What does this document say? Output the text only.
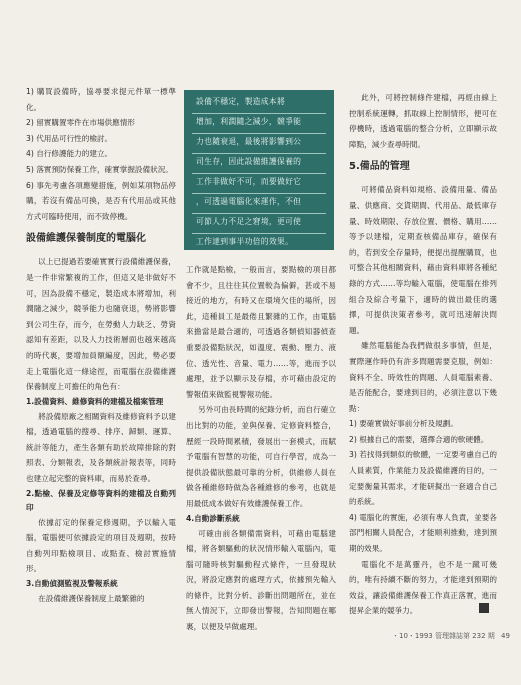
1) 購買設備時，協尋要求提元件單一標準化。

2) 留實購置零件在市場供應情形

3) 代用品可行性的檢討。

4) 自行修護能力的建立。

5) 落實預防保養工作，確實掌握設備狀況。

6) 事先考慮各項應變措施，例如某項物品停購，若沒有備品可換，是否有代用品或其他方式可臨時使用，而不致停機。

設備維護保養制度的電腦化

以上已提過若要確實實行設備維護保養，是一件非常繁複的工作，但這又是非做好不可，因為設備不穩定，製造成本將增加，利潤隨之減少，競爭能力也隨衰退，勢將影響到公司生存，而今，在勞動人力缺乏、勞資認知有差距，以及人力技術層面也越來越高的時代裏，要增加員額編度，因此，勢必要走上電腦化這一條途徑，而電腦在設備維護保養制度上可擔任的角色有：

1.設備資料、維修資料的建檔及檔案管理

將設備原廠之相關資料及維修資料予以建檔，透過電腦的搜尋、排序、歸類、運算、統計等能力，產生各類有助於故障排除的對照表、分類報表，及各類統計報表等，同時也建立起完整的資料庫，而易於查尋。

2.點檢、保養及定修等資料的建檔及自動列印

依據訂定的保養定修週期，予以輸入電腦，電腦便可依據設定的項目及週期，按時自動列印點檢項目、或點查、檢討實施情形。

3.自動偵測監視及警報系統

在設備維護保養制度上最繁雜的

設備不穩定，製造成本將
增加，利潤隨之減少，競爭能
力也隨衰退，最後將影響到公
司生存，因此設備維護保養的
工作非做好不可，而要做好它
，可透過電腦化來運作，不但
可節人力不足之窘境，更可使
工作達到事半功倍的效果。

工作就是點檢，一般而言，要點檢的項目都會不少，且往往其位置較為偏僻，甚或不易接近的地方，有時又在環境欠佳的場所，因此，這種員工是最倦且繁雜的工作，由電腦來擔當是最合適的，可透過各類偵知器偵查重要設備點狀況，如溫度、震動、壓力、液位、透光性、音量、電力……等，進而予以處理，並予以顯示及存檔，亦可藉由設定的警報值來做監視警報功能。

另外可由長時間的紀錄分析，而自行確立出比對的功能，並與保養、定修資料整合，歷經一段時間累積，發展出一套模式，而賦予電腦有智慧的功能，可自行學習，成為一提供設備狀態最可靠的分析，供維修人員在做各種維修時做為各種維修的參考，也就是用最低成本做好有效維護保養工作。

4.自動診斷系統

可確由前各類備需資料，可藉由電腦建檔，將各類驅動的狀況情形輸入電腦內，電腦可隨時核對驅動程式條件，一旦發現狀況，將設定應對的處理方式，依據預先輸入的條件，比對分析、診斷出問題所在，並在無人情況下，立即發出警報，告知問題在哪裏，以便及早做處理。

此外，可將控制條件建檔，再經由線上控制系統運轉，抓取線上控制情形，便可在停機時，透過電腦的整合分析，立即顯示故障點，減少查尋時間。

5.備品的管理

可將備品資料如規格、設備用量、備品量、供應商、交貨期間、代用品、最低庫存量、時效期限、存放位置、價格、購用……等予以建檔，定期查核備品庫存，確保有的，若到安全存量時，便提出提醒購買，也可整合其他相關資料，藉由資料庫將各種紀錄的方式……等均輸入電腦，使電腦在排列組合及綜合考量下，適時的做出最佳的選擇，可提供決策者參考，就可迅速解決問題。

雖然電腦能為我們做很多事情，但是，實際運作時仍有許多問題需要克服，例如：資料不全、時效性的問題、人員電腦素養、是否能配合，要達到目的，必須注意以下幾點：

1) 要確實做好事前分析及規劃。

2) 根據自己的需要，選擇合適的軟硬體。

3) 若找得到類似的軟體，一定要考慮自己的人員素質，作業能力及設備維護的目的，一定要衡量其需求，才能研擬出一套適合自己的系統。

4) 電腦化的實施，必須有專人負責，並要各部門相關人員配合，才能順利推動，達到預期的效果。

電腦化不是萬靈丹，也不是一蹴可幾的，唯有持續不斷的努力，才能達到預期的效益，讓設備維護保養工作真正落實，進而提昇企業的競爭力。

・10・1993 管理雜誌第 232 期 49
